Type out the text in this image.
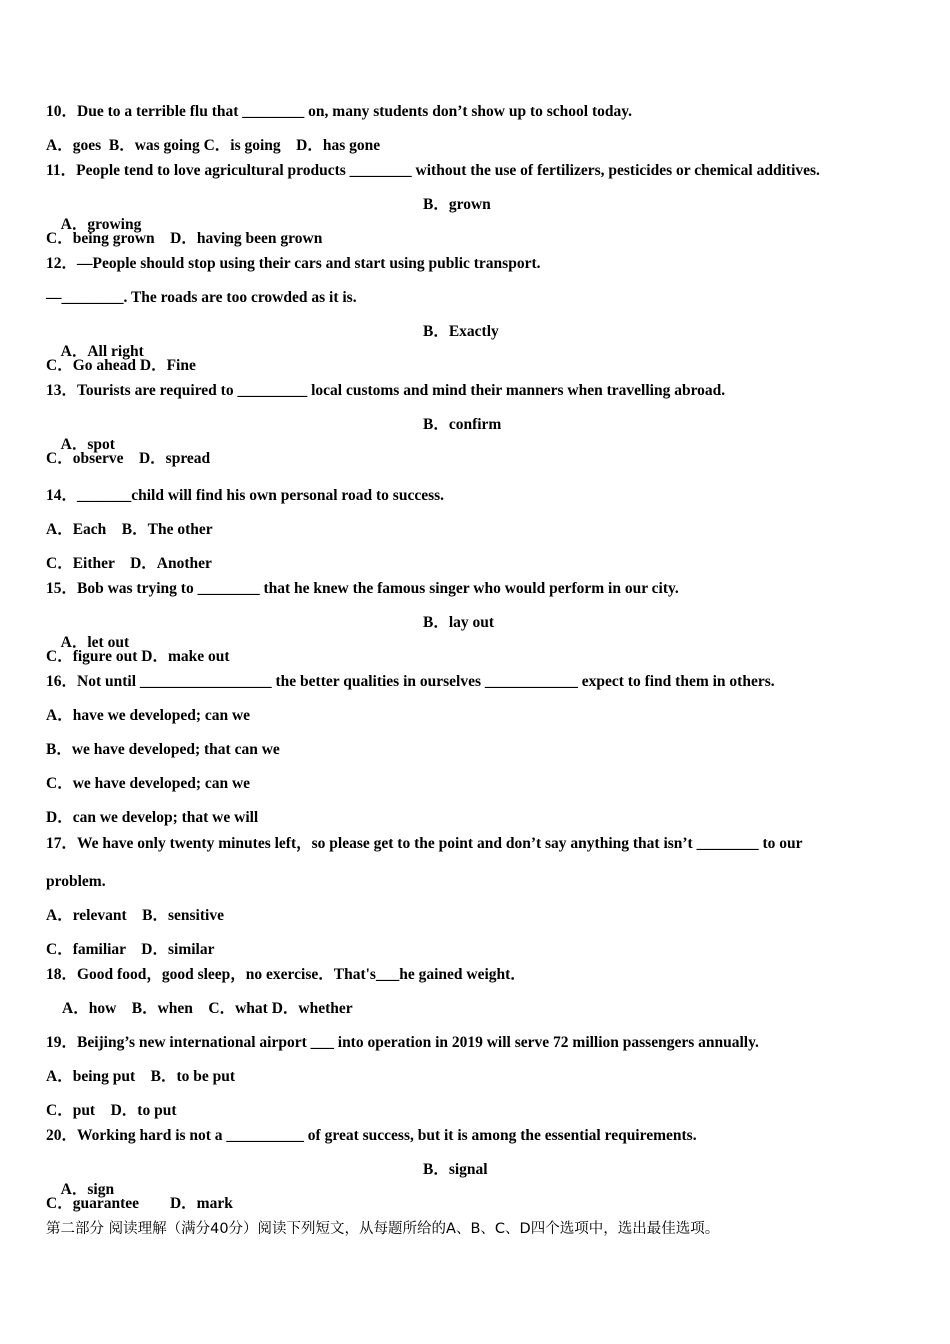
10．Due to a terrible flu that ________ on, many students don’t show up to school today.
A．goes  B．was going C．is going    D．has gone
11．People tend to love agricultural products ________ without the use of fertilizers, pesticides or chemical additives.

A．growing

B．grown

C．being grown    D．having been grown
12．—People should stop using their cars and start using public transport.
—________. The roads are too crowded as it is.

A．All right

B．Exactly

C．Go ahead D．Fine
13．Tourists are required to _________ local customs and mind their manners when travelling abroad.

A．spot

B．confirm

C．observe    D．spread
14．_______child will find his own personal road to success.
A．Each    B．The other
C．Either    D．Another
15．Bob was trying to ________ that he knew the famous singer who would perform in our city.

A．let out

B．lay out

C．figure out D．make out
16．Not until _________________ the better qualities in ourselves ____________ expect to find them in others.
A．have we developed; can we
B．we have developed; that can we
C．we have developed; can we
D．can we develop; that we will
17．We have only twenty minutes left，so please get to the point and don’t say anything that isn’t ________ to our
problem.
A．relevant    B．sensitive
C．familiar    D．similar
18．Good food，good sleep，no exercise．That's___he gained weight．
A．how    B．when    C．what D．whether
19．Beijing’s new international airport ___ into operation in 2019 will serve 72 million passengers annually.
A．being put    B．to be put
C．put    D．to put
20．Working hard is not a __________ of great success, but it is among the essential requirements.

A．sign

B．signal

C．guarantee        D．mark
第二部分 阅读理解（满分40分）阅读下列短文，从每题所给的A、B、C、D四个选项中，选出最佳选项。
